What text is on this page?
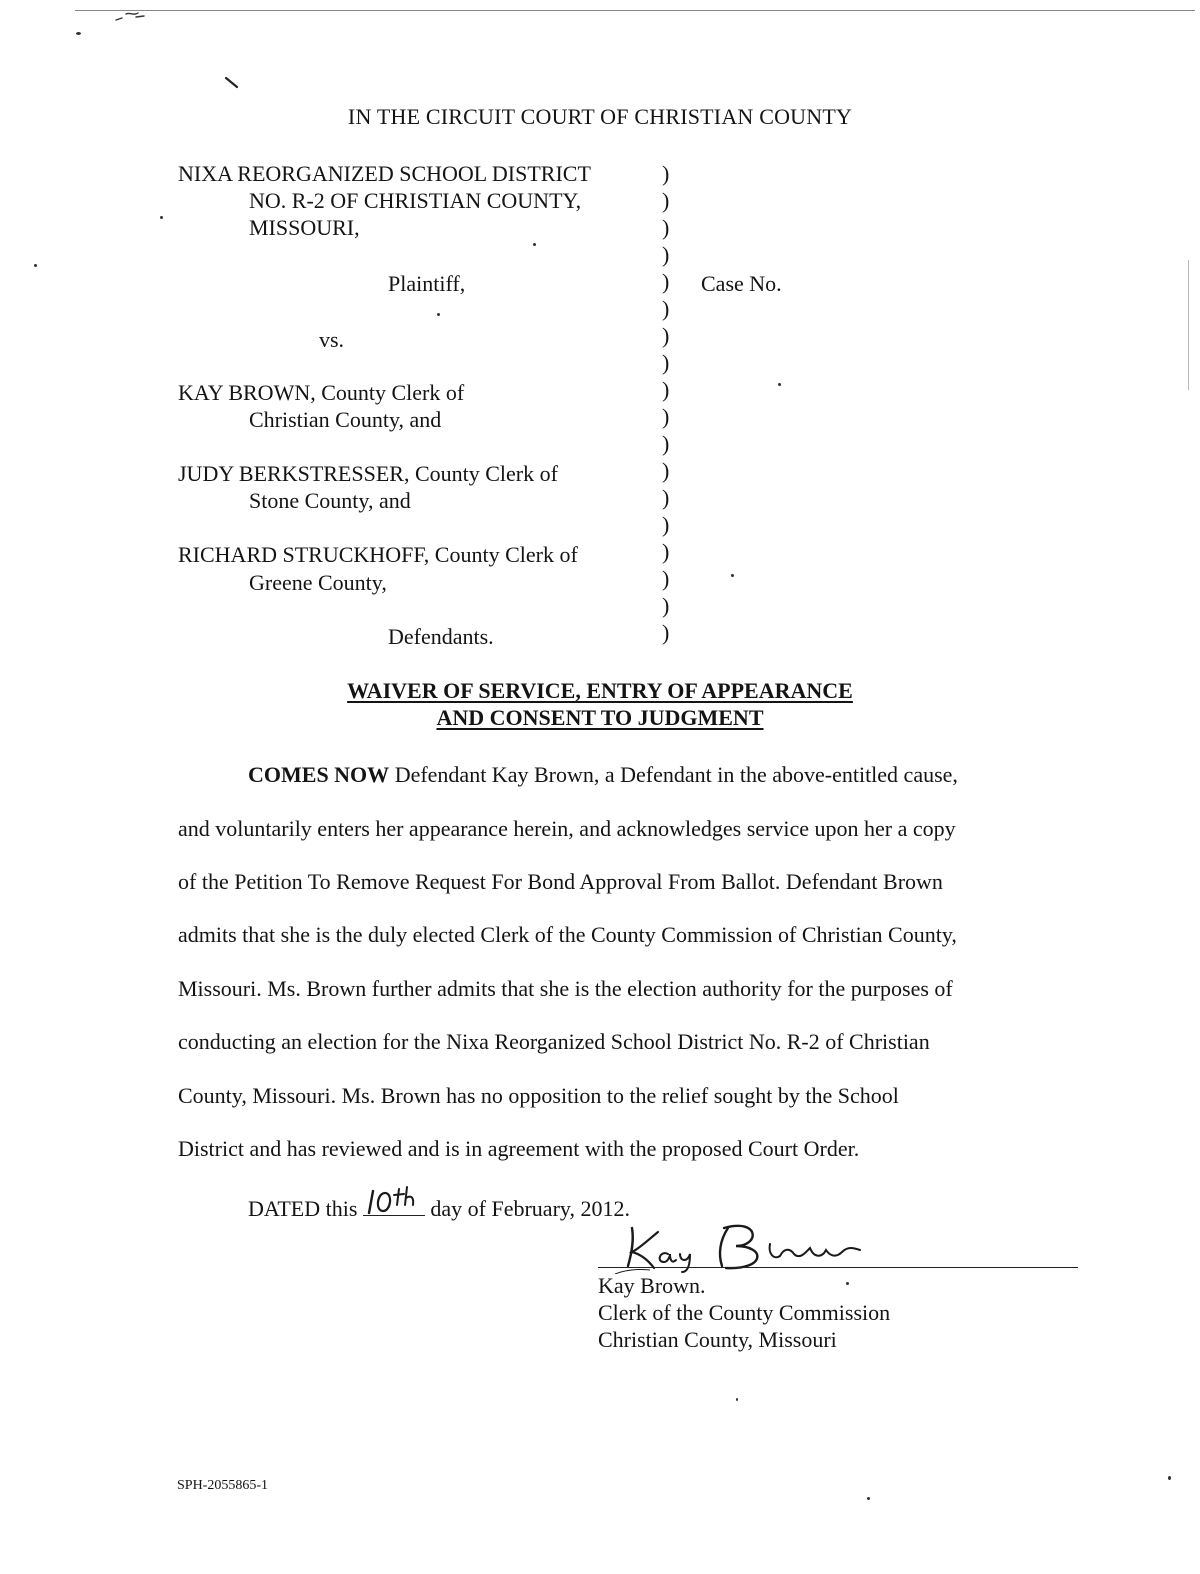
IN THE CIRCUIT COURT OF CHRISTIAN COUNTY
NIXA REORGANIZED SCHOOL DISTRICT
NO. R-2 OF CHRISTIAN COUNTY,
MISSOURI,
Plaintiff,
vs.
KAY BROWN, County Clerk of
Christian County, and
JUDY BERKSTRESSER, County Clerk of
Stone County, and
RICHARD STRUCKHOFF, County Clerk of
Greene County,
Defendants.
)
)
)
)
)
)
)
)
)
)
)
)
)
)
)
)
)
)
Case No.
WAIVER OF SERVICE, ENTRY OF APPEARANCE
AND CONSENT TO JUDGMENT
COMES NOW Defendant Kay Brown, a Defendant in the above-entitled cause,
and voluntarily enters her appearance herein, and acknowledges service upon her a copy
of the Petition To Remove Request For Bond Approval From Ballot. Defendant Brown
admits that she is the duly elected Clerk of the County Commission of Christian County,
Missouri. Ms. Brown further admits that she is the election authority for the purposes of
conducting an election for the Nixa Reorganized School District No. R-2 of Christian
County, Missouri. Ms. Brown has no opposition to the relief sought by the School
District and has reviewed and is in agreement with the proposed Court Order.
DATED this	day of February, 2012.
Kay Brown.
Clerk of the County Commission
Christian County, Missouri
SPH-2055865-1
